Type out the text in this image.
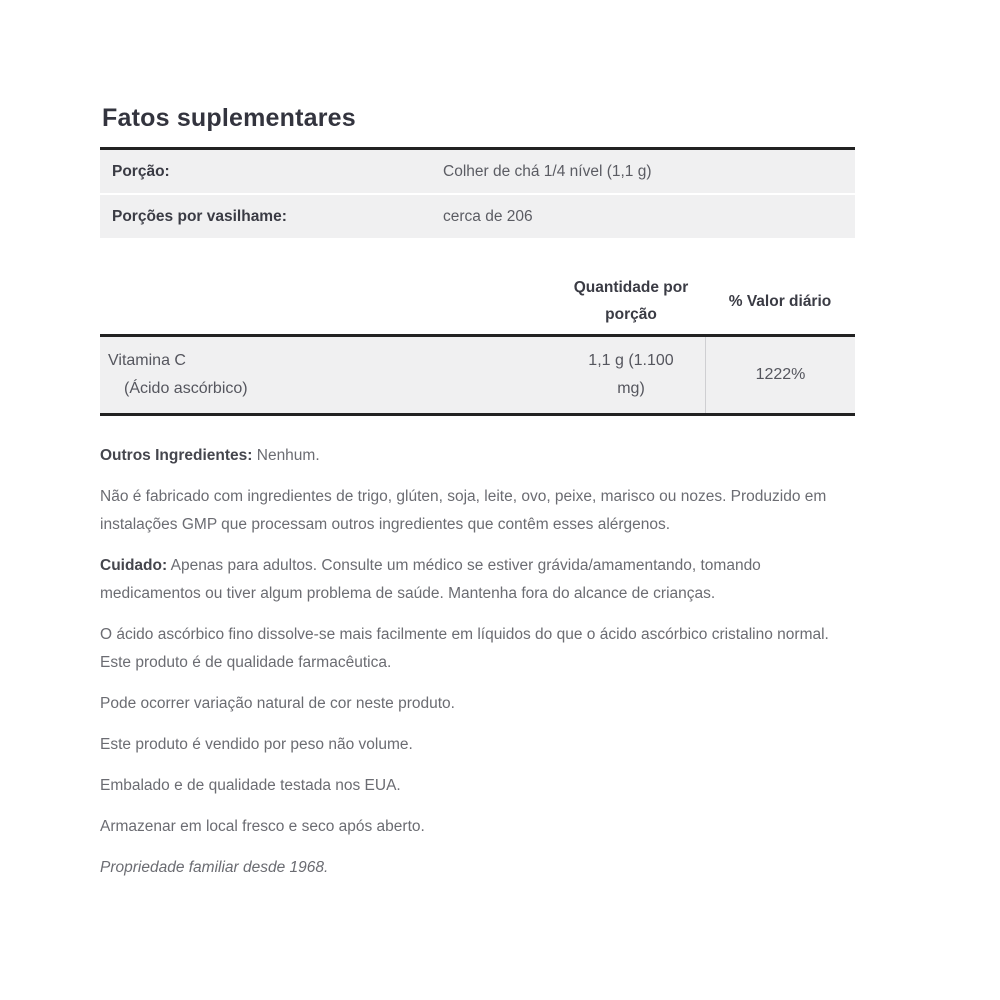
Fatos suplementares
Porção:	Colher de chá 1/4 nível (1,1 g)
Porções por vasilhame:	cerca de 206
Quantidade por porção
% Valor diário
Vitamina C
(Ácido ascórbico)
1,1 g (1.100 mg)
1222%

Outros Ingredientes: Nenhum.

Não é fabricado com ingredientes de trigo, glúten, soja, leite, ovo, peixe, marisco ou nozes. Produzido em instalações GMP que processam outros ingredientes que contêm esses alérgenos.

Cuidado: Apenas para adultos. Consulte um médico se estiver grávida/amamentando, tomando medicamentos ou tiver algum problema de saúde. Mantenha fora do alcance de crianças.

O ácido ascórbico fino dissolve-se mais facilmente em líquidos do que o ácido ascórbico cristalino normal. Este produto é de qualidade farmacêutica.

Pode ocorrer variação natural de cor neste produto.

Este produto é vendido por peso não volume.

Embalado e de qualidade testada nos EUA.

Armazenar em local fresco e seco após aberto.

Propriedade familiar desde 1968.
